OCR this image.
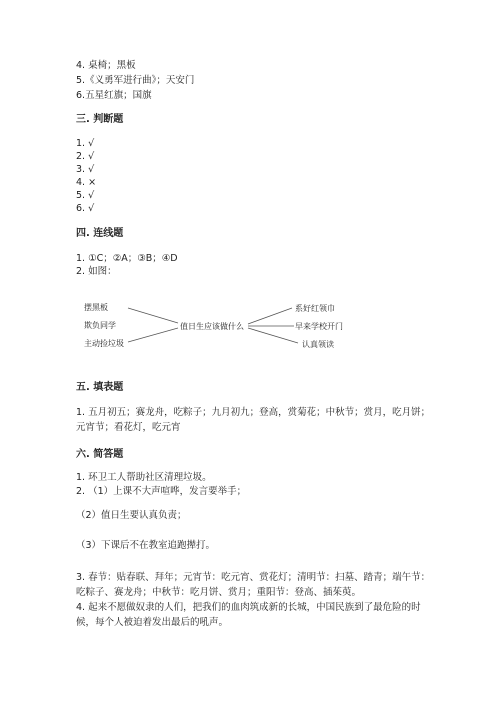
4. 桌椅；黑板
5.《义勇军进行曲》；天安门
6.五星红旗；国旗
三. 判断题
1. √
2. √
3. √
4. ×
5. √
6. √
四. 连线题
1. ①C；②A；③B；④D
2. 如图：
摆黑板
欺负同学
主动捡垃圾
值日生应该做什么
系好红领巾
早来学校开门
认真领读
五. 填表题
1. 五月初五；赛龙舟，吃粽子；九月初九；登高，赏菊花；中秋节；赏月，吃月饼；元宵节；看花灯，吃元宵
六. 简答题
1. 环卫工人帮助社区清理垃圾。
2. （1）上课不大声喧哗，发言要举手；
（2）值日生要认真负责；
（3）下课后不在教室追跑撵打。
3. 春节：贴春联、拜年；元宵节：吃元宵、赏花灯；清明节：扫墓、踏青；端午节：吃粽子、赛龙舟；中秋节：吃月饼、赏月；重阳节：登高、插茱萸。
4. 起来不愿做奴隶的人们，把我们的血肉筑成新的长城，中国民族到了最危险的时候，每个人被迫着发出最后的吼声。
